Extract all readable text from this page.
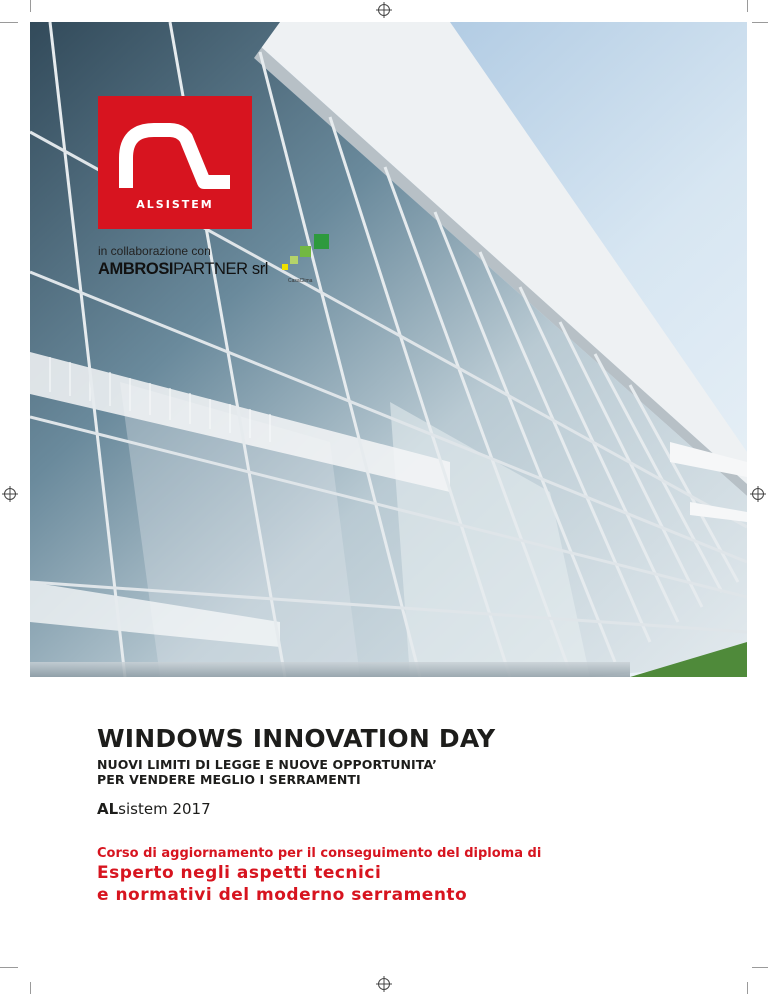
ALSISTEM
in collaborazione con
AMBROSIPARTNER srl
CasaClima
WINDOWS INNOVATION DAY
NUOVI LIMITI DI LEGGE E NUOVE OPPORTUNITA’
PER VENDERE MEGLIO I SERRAMENTI
ALsistem 2017
Corso di aggiornamento per il conseguimento del diploma di
Esperto negli aspetti tecnici
e normativi del moderno serramento
